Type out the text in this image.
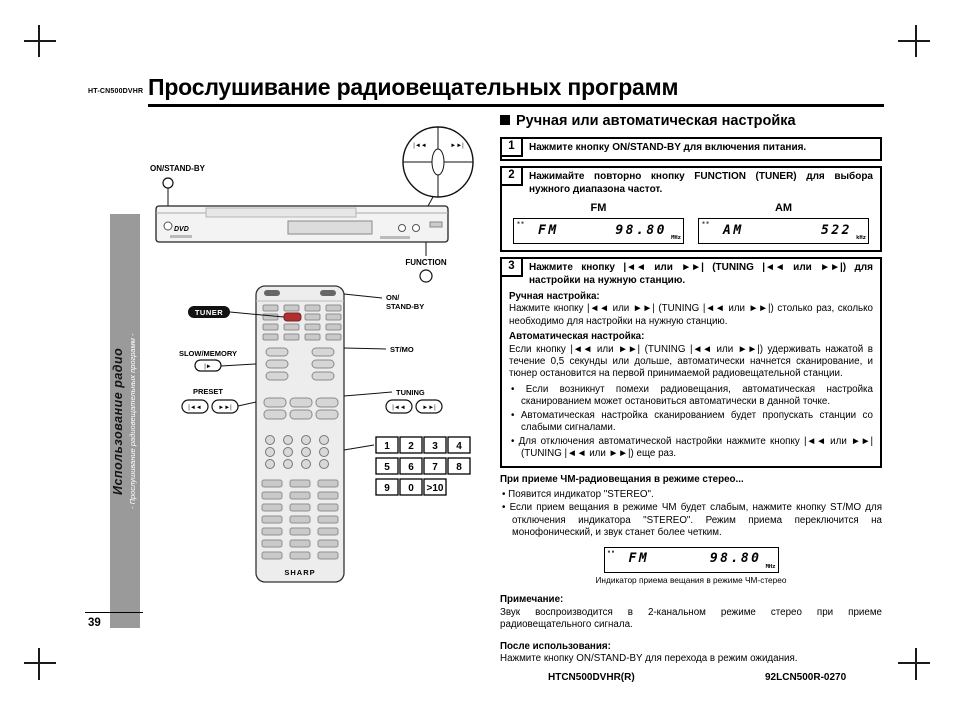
HT-CN500DVHR Прослушивание радиовещательных программ
Использование радио - Прослушивание радиовещательных программ -
39
|◄◄	►►|
ON/STAND-BY
DVD
FUNCTION
SHARP
TUNER
SLOW/MEMORY
|►
PRESET
|◄◄	►►|
ON/
STAND-BY
ST/MO
TUNING
|◄◄	►►|
1 2 3 4
5 6 7 8
9 0 >10
Ручная или автоматическая настройка
1	Нажмите кнопку ON/STAND-BY для включения питания.
2	Нажимайте повторно кнопку FUNCTION (TUNER) для выбора нужного диапазона частот.
FM
▪▪ FM	98.80
MHz
AM
▪▪ AM	522
kHz
3	Нажмите кнопку |◄◄ или ►►| (TUNING |◄◄ или ►►|) для настройки на нужную станцию.
Ручная настройка:
Нажмите кнопку |◄◄ или ►►| (TUNING |◄◄ или ►►|) столько раз, сколько необходимо для настройки на нужную станцию.
Автоматическая настройка:
Если кнопку |◄◄ или ►►| (TUNING |◄◄ или ►►|) удерживать нажатой в течение 0,5 секунды или дольше, автоматически начнется сканирование, и тюнер остановится на первой принимаемой радиовещательной станции.
• Если возникнут помехи радиовещания, автоматическая настройка сканированием может остановиться автоматически в данной точке.
• Автоматическая настройка сканированием будет пропускать станции со слабыми сигналами.
• Для отключения автоматической настройки нажмите кнопку |◄◄ или ►►| (TUNING |◄◄ или ►►|) еще раз.
При приеме ЧМ-радиовещания в режиме стерео...
• Появится индикатор "STEREO".
• Если прием вещания в режиме ЧМ будет слабым, нажмите кнопку ST/MO для отключения индикатора "STEREO". Режим приема переключится на монофонический, и звук станет более четким.
▪▪ FM	98.80
MHz
Индикатор приема вещания в режиме ЧМ-стерео
Примечание:
Звук воспроизводится в 2-канальном режиме стерео при приеме радиовещательного сигнала.
После использования:
Нажмите кнопку ON/STAND-BY для перехода в режим ожидания.
HTCN500DVHR(R)	92LCN500R-0270
